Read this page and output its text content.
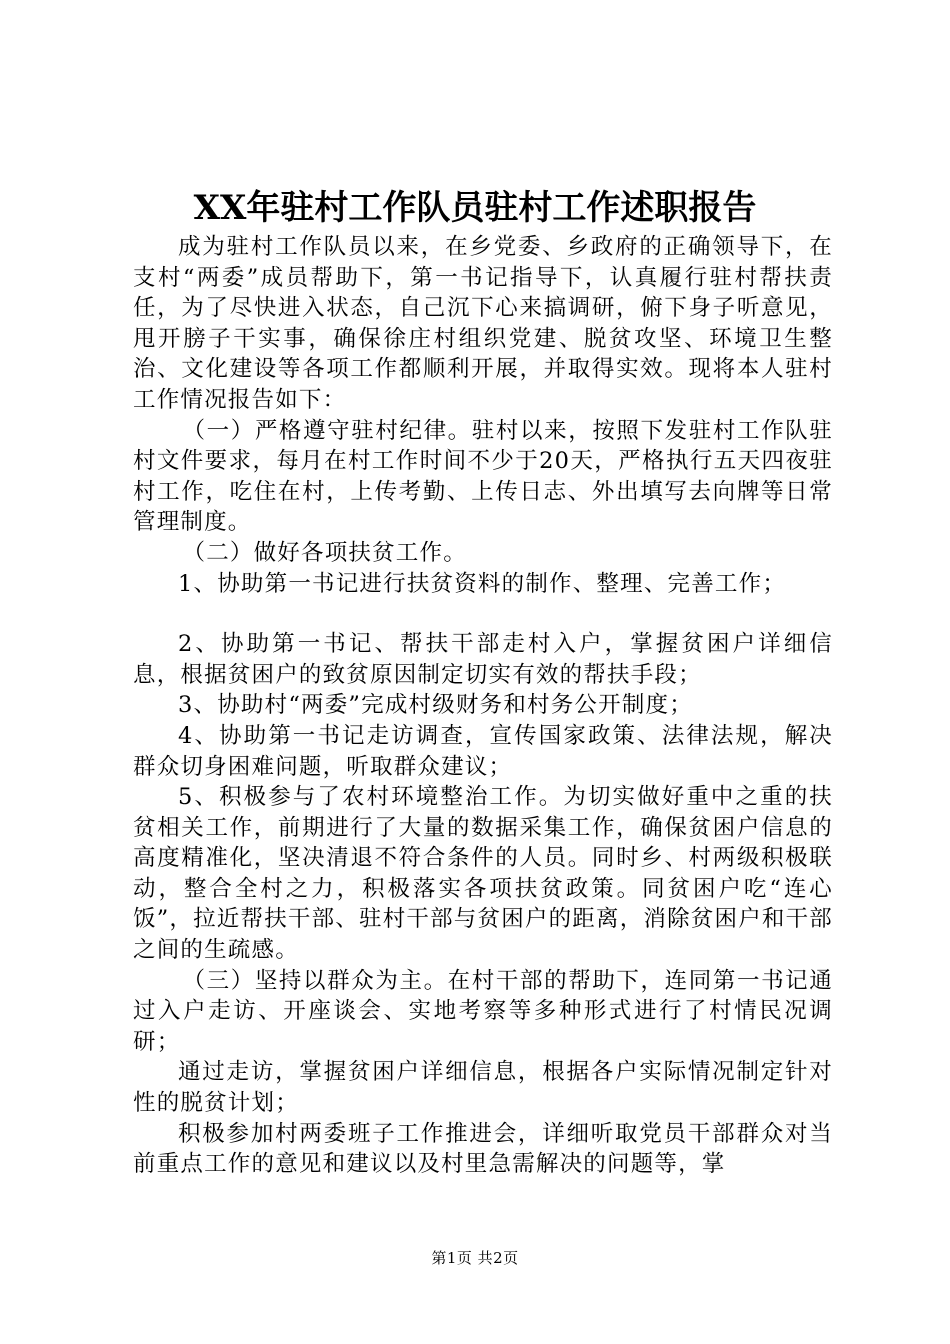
XX年驻村工作队员驻村工作述职报告

成为驻村工作队员以来，在乡党委、乡政府的正确领导下，在支村“两委”成员帮助下，第一书记指导下，认真履行驻村帮扶责任，为了尽快进入状态，自己沉下心来搞调研，俯下身子听意见，甩开膀子干实事，确保徐庄村组织党建、脱贫攻坚、环境卫生整治、文化建设等各项工作都顺利开展，并取得实效。现将本人驻村工作情况报告如下：

（一）严格遵守驻村纪律。驻村以来，按照下发驻村工作队驻村文件要求，每月在村工作时间不少于20天，严格执行五天四夜驻村工作，吃住在村，上传考勤、上传日志、外出填写去向牌等日常管理制度。

（二）做好各项扶贫工作。

1、协助第一书记进行扶贫资料的制作、整理、完善工作；

2、协助第一书记、帮扶干部走村入户，掌握贫困户详细信息，根据贫困户的致贫原因制定切实有效的帮扶手段；

3、协助村“两委”完成村级财务和村务公开制度；

4、协助第一书记走访调查，宣传国家政策、法律法规，解决群众切身困难问题，听取群众建议；

5、积极参与了农村环境整治工作。为切实做好重中之重的扶贫相关工作，前期进行了大量的数据采集工作，确保贫困户信息的高度精准化，坚决清退不符合条件的人员。同时乡、村两级积极联动，整合全村之力，积极落实各项扶贫政策。同贫困户吃“连心饭”，拉近帮扶干部、驻村干部与贫困户的距离，消除贫困户和干部之间的生疏感。

（三）坚持以群众为主。在村干部的帮助下，连同第一书记通过入户走访、开座谈会、实地考察等多种形式进行了村情民况调研；

通过走访，掌握贫困户详细信息，根据各户实际情况制定针对性的脱贫计划；

积极参加村两委班子工作推进会，详细听取党员干部群众对当前重点工作的意见和建议以及村里急需解决的问题等，掌

第1页 共2页
